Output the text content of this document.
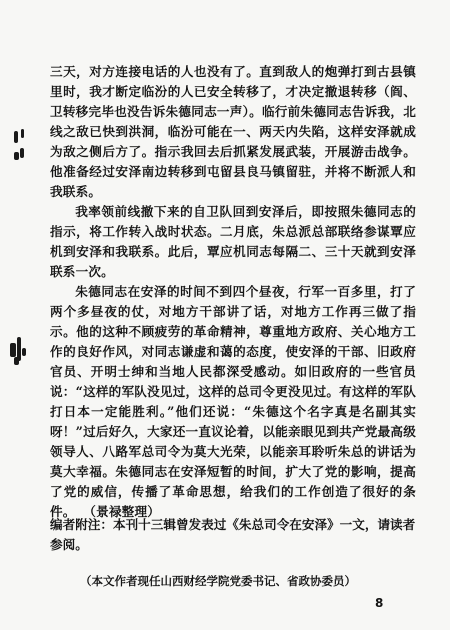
三天，对方连接电话的人也没有了。直到敌人的炮弹打到古县镇里时，我才断定临汾的人已安全转移了，才决定撤退转移（阎、卫转移完毕也没告诉朱德同志一声）。临行前朱德同志告诉我，北线之敌已快到洪洞，临汾可能在一、两天内失陷，这样安泽就成为敌之侧后方了。指示我回去后抓紧发展武装，开展游击战争。他准备经过安泽南边转移到屯留县良马镇留驻，并将不断派人和我联系。

我率领前线撤下来的自卫队回到安泽后，即按照朱德同志的指示，将工作转入战时状态。二月底，朱总派总部联络参谋覃应机到安泽和我联系。此后，覃应机同志每隔二、三十天就到安泽联系一次。

朱德同志在安泽的时间不到四个昼夜，行军一百多里，打了两个多昼夜的仗，对地方干部讲了话，对地方工作再三做了指示。他的这种不顾疲劳的革命精神，尊重地方政府、关心地方工作的良好作风，对同志谦虚和蔼的态度，使安泽的干部、旧政府官员、开明士绅和当地人民都深受感动。如旧政府的一些官员说：“这样的军队没见过，这样的总司令更没见过。有这样的军队打日本一定能胜利。”他们还说：“朱德这个名字真是名副其实呀！”过后好久，大家还一直议论着，以能亲眼见到共产党最高级领导人、八路军总司令为莫大光荣，以能亲耳聆听朱总的讲话为莫大幸福。朱德同志在安泽短暂的时间，扩大了党的影响，提高了党的威信，传播了革命思想，给我们的工作创造了很好的条件。 （景禄整理）

编者附注：本刊十三辑曾发表过《朱总司令在安泽》一文，请读者参阅。
（本文作者现任山西财经学院党委书记、省政协委员）
8
